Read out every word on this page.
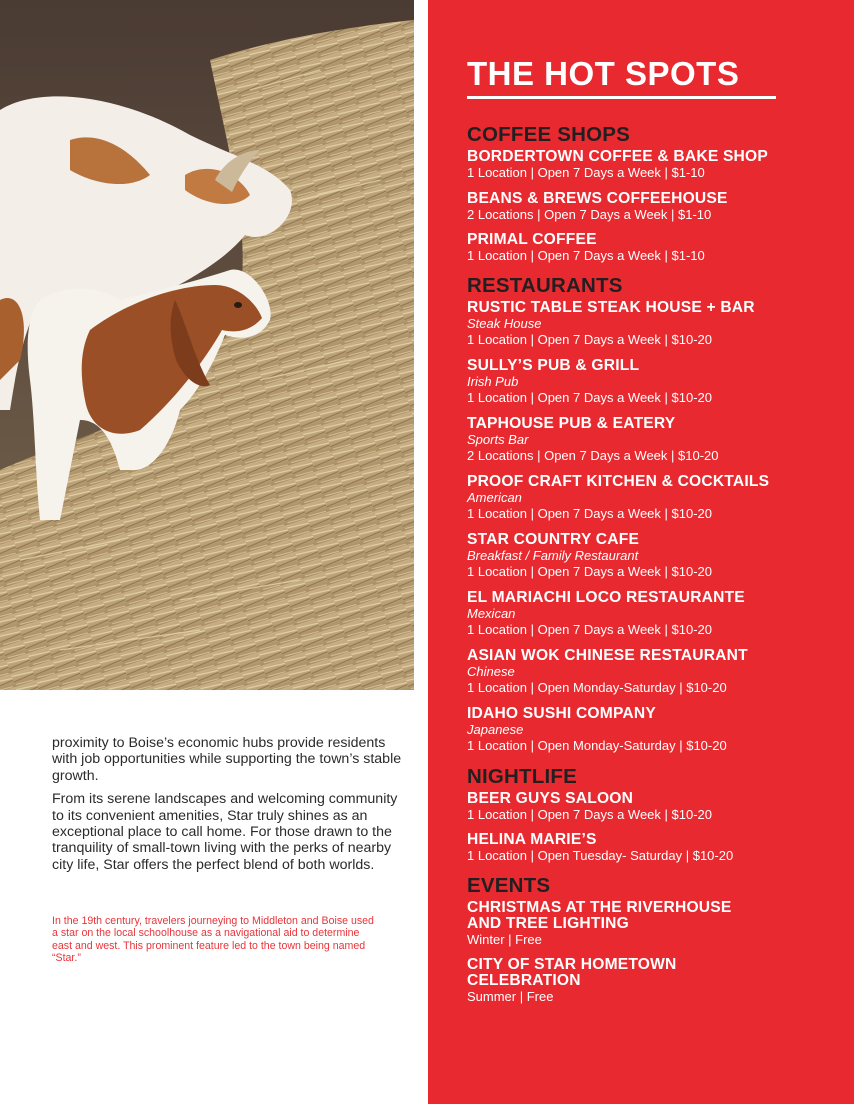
proximity to Boise’s economic hubs provide residents with job opportunities while supporting the town’s stable growth.

From its serene landscapes and welcoming community to its convenient amenities, Star truly shines as an exceptional place to call home. For those drawn to the tranquility of small-town living with the perks of nearby city life, Star offers the perfect blend of both worlds.

In the 19th century, travelers journeying to Middleton and Boise used a star on the local schoolhouse as a navigational aid to determine east and west. This prominent feature led to the town being named “Star.”
THE HOT SPOTS
COFFEE SHOPS
BORDERTOWN COFFEE & BAKE SHOP

1 Location | Open 7 Days a Week | $1-10

BEANS & BREWS COFFEEHOUSE

2 Locations | Open 7 Days a Week | $1-10

PRIMAL COFFEE

1 Location | Open 7 Days a Week | $1-10

RESTAURANTS
RUSTIC TABLE STEAK HOUSE + BAR

Steak House

1 Location | Open 7 Days a Week | $10-20

SULLY’S PUB & GRILL

Irish Pub

1 Location | Open 7 Days a Week | $10-20

TAPHOUSE PUB & EATERY

Sports Bar

2 Locations | Open 7 Days a Week | $10-20

PROOF CRAFT KITCHEN & COCKTAILS

American

1 Location | Open 7 Days a Week | $10-20

STAR COUNTRY CAFE

Breakfast / Family Restaurant

1 Location | Open 7 Days a Week | $10-20

EL MARIACHI LOCO RESTAURANTE

Mexican

1 Location | Open 7 Days a Week | $10-20

ASIAN WOK CHINESE RESTAURANT

Chinese

1 Location | Open Monday-Saturday | $10-20

IDAHO SUSHI COMPANY

Japanese

1 Location | Open Monday-Saturday | $10-20

NIGHTLIFE
BEER GUYS SALOON

1 Location | Open 7 Days a Week | $10-20

HELINA MARIE’S

1 Location | Open Tuesday- Saturday | $10-20

EVENTS
CHRISTMAS AT THE RIVERHOUSE AND TREE LIGHTING

Winter | Free

CITY OF STAR HOMETOWN CELEBRATION

Summer | Free
